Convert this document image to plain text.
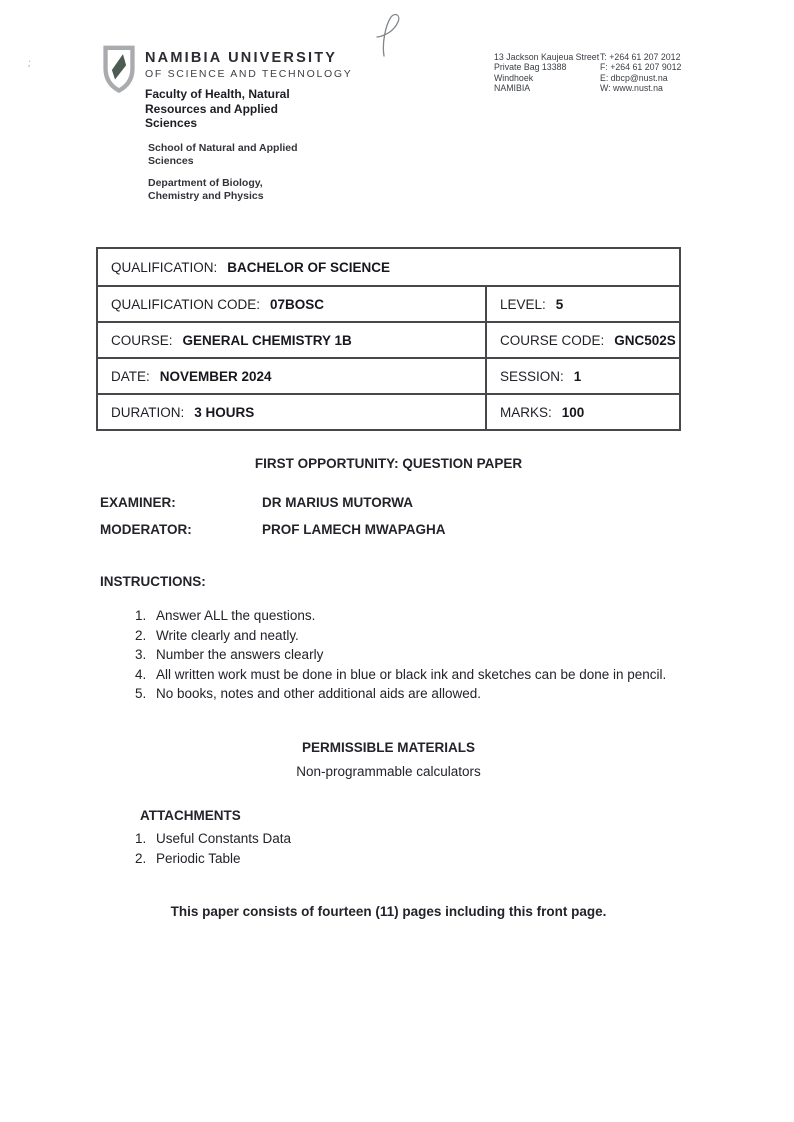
NAMIBIA UNIVERSITY
OF SCIENCE AND TECHNOLOGY
Faculty of Health, Natural
Resources and Applied
Sciences
School of Natural and Applied
Sciences
Department of Biology,
Chemistry and Physics
13 Jackson Kaujeua Street
Private Bag 13388
Windhoek
NAMIBIA
T: +264 61 207 2012
F: +264 61 207 9012
E: dbcp@nust.na
W: www.nust.na
;
QUALIFICATION: BACHELOR OF SCIENCE
QUALIFICATION CODE: 07BOSC	LEVEL: 5
COURSE: GENERAL CHEMISTRY 1B	COURSE CODE: GNC502S
DATE: NOVEMBER 2024	SESSION: 1
DURATION: 3 HOURS	MARKS: 100
FIRST OPPORTUNITY: QUESTION PAPER
EXAMINER:	DR MARIUS MUTORWA
MODERATOR:	PROF LAMECH MWAPAGHA
INSTRUCTIONS:
1. Answer ALL the questions.
2. Write clearly and neatly.
3. Number the answers clearly
4. All written work must be done in blue or black ink and sketches can be done in pencil.
5. No books, notes and other additional aids are allowed.
PERMISSIBLE MATERIALS
Non-programmable calculators
ATTACHMENTS
1. Useful Constants Data
2. Periodic Table
This paper consists of fourteen (11) pages including this front page.
